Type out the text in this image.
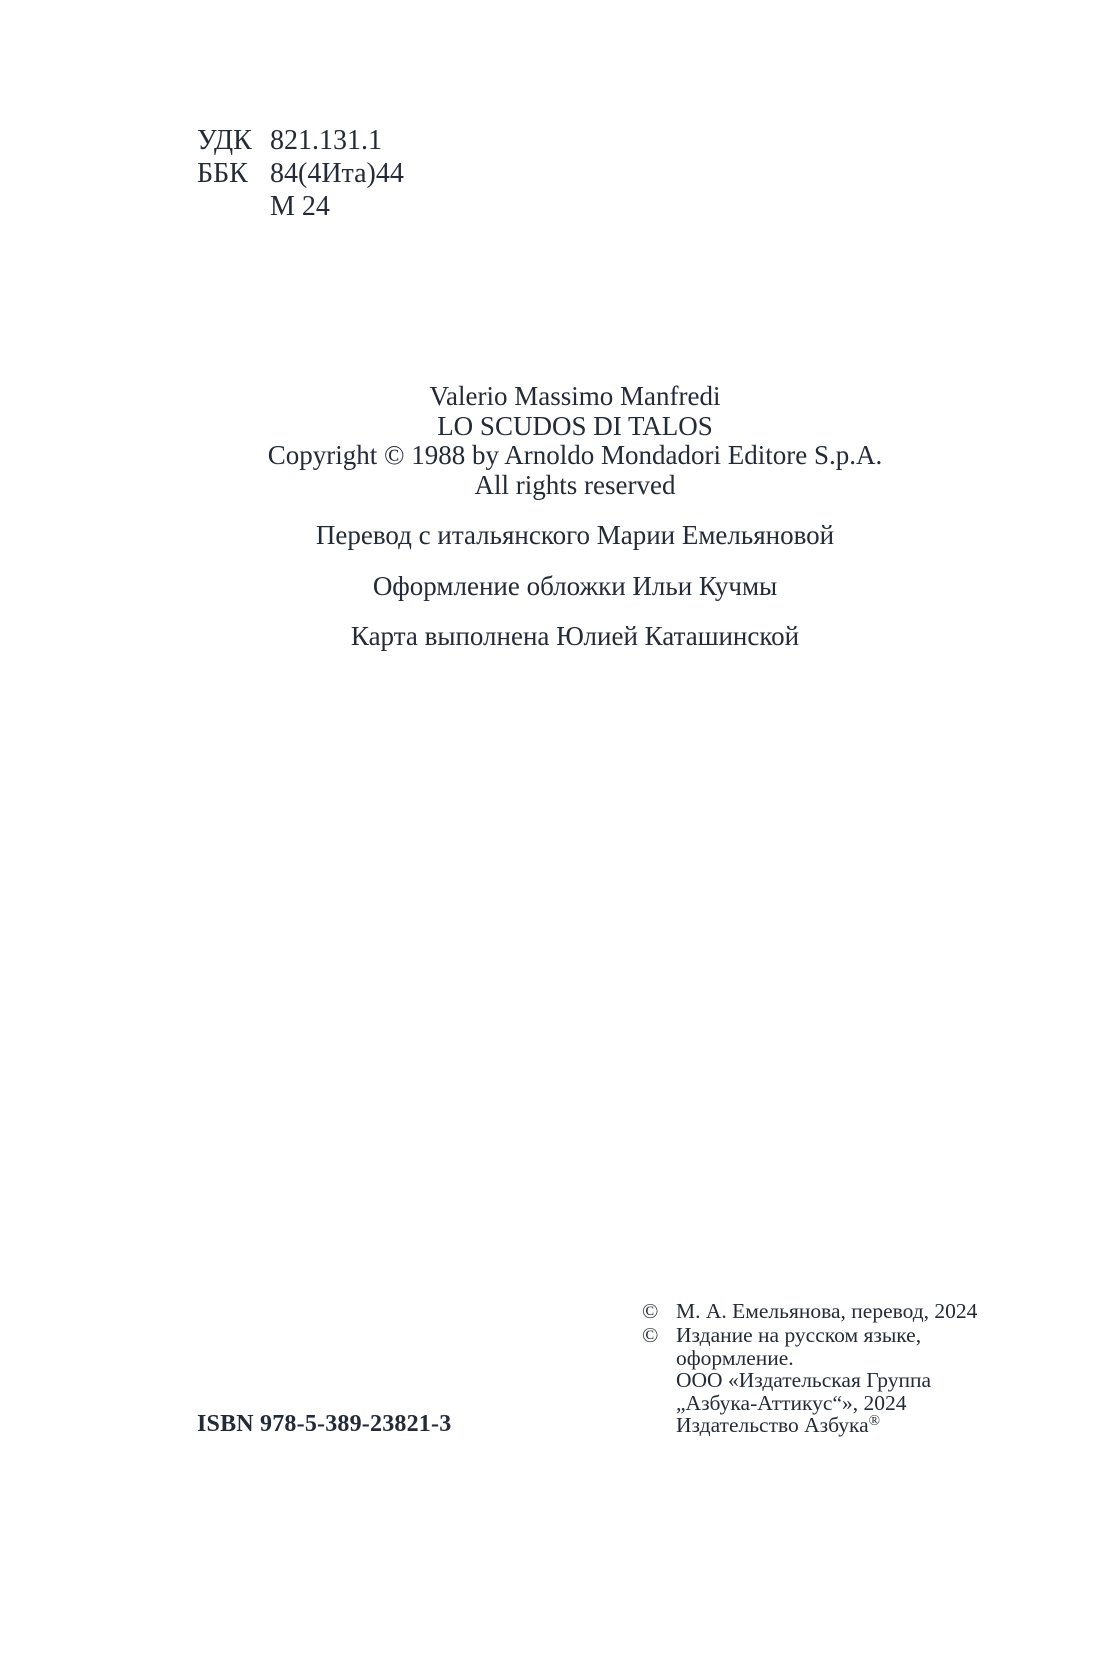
УДК 821.131.1
ББК 84(4Ита)44
М 24
Valerio Massimo Manfredi
LO SCUDOS DI TALOS
Copyright © 1988 by Arnoldo Mondadori Editore S.p.A.
All rights reserved

Перевод с итальянского Марии Емельяновой

Оформление обложки Ильи Кучмы

Карта выполнена Юлией Каташинской

© М. А. Емельянова, перевод, 2024
© Издание на русском языке,
оформление.
ООО «Издательская Группа
„Азбука-Аттикус“», 2024
Издательство Азбука®
ISBN 978-5-389-23821-3
